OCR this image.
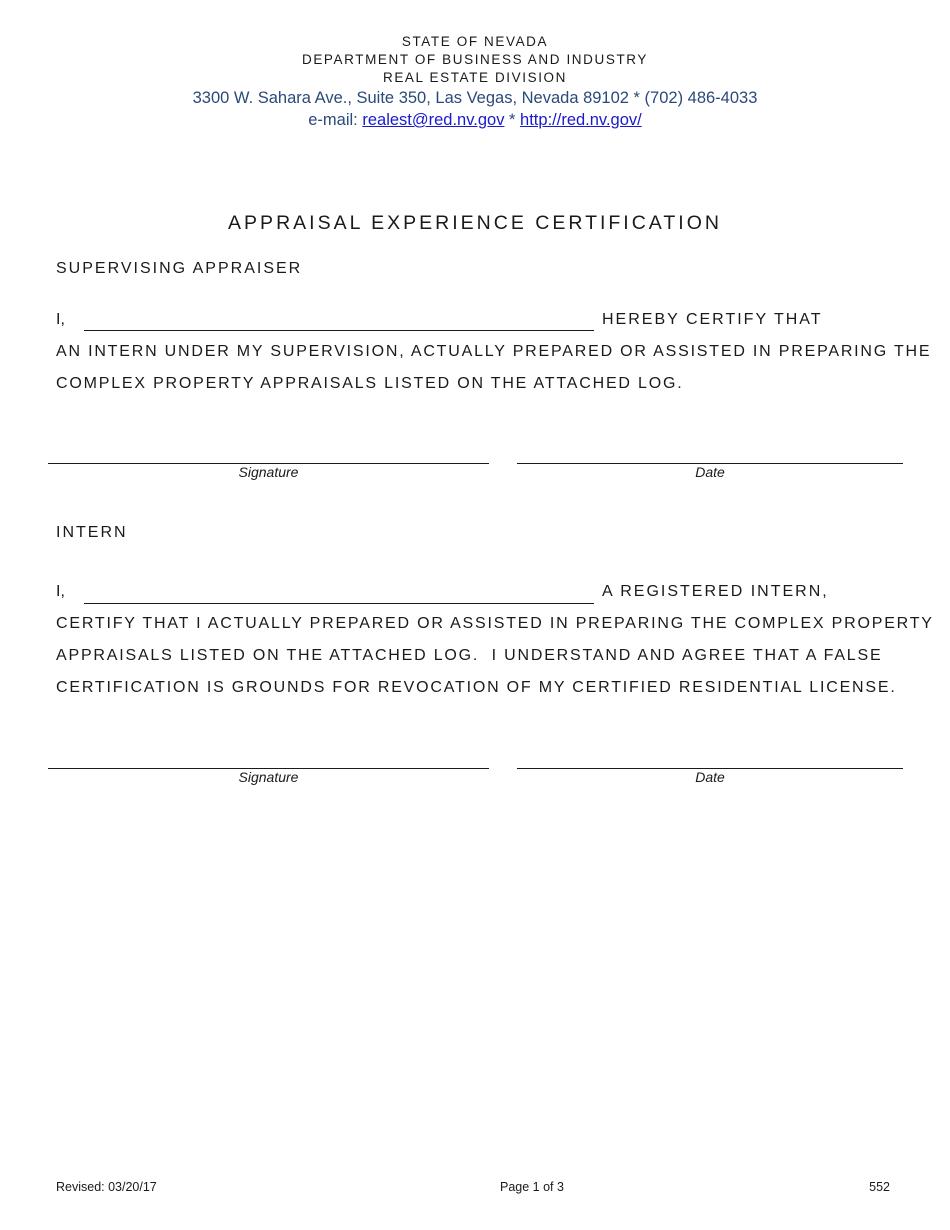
STATE OF NEVADA
DEPARTMENT OF BUSINESS AND INDUSTRY
REAL ESTATE DIVISION
3300 W. Sahara Ave., Suite 350, Las Vegas, Nevada 89102 * (702) 486-4033
e-mail: realest@red.nv.gov * http://red.nv.gov/
APPRAISAL EXPERIENCE CERTIFICATION
SUPERVISING APPRAISER
I,	HEREBY CERTIFY THAT
AN INTERN UNDER MY SUPERVISION, ACTUALLY PREPARED OR ASSISTED IN PREPARING THE
COMPLEX PROPERTY APPRAISALS LISTED ON THE ATTACHED LOG.
Signature	Date
INTERN
I,	A REGISTERED INTERN,
CERTIFY THAT I ACTUALLY PREPARED OR ASSISTED IN PREPARING THE COMPLEX PROPERTY
APPRAISALS LISTED ON THE ATTACHED LOG.  I UNDERSTAND AND AGREE THAT A FALSE
CERTIFICATION IS GROUNDS FOR REVOCATION OF MY CERTIFIED RESIDENTIAL LICENSE.
Signature	Date
Revised: 03/20/17	Page 1 of 3	552
